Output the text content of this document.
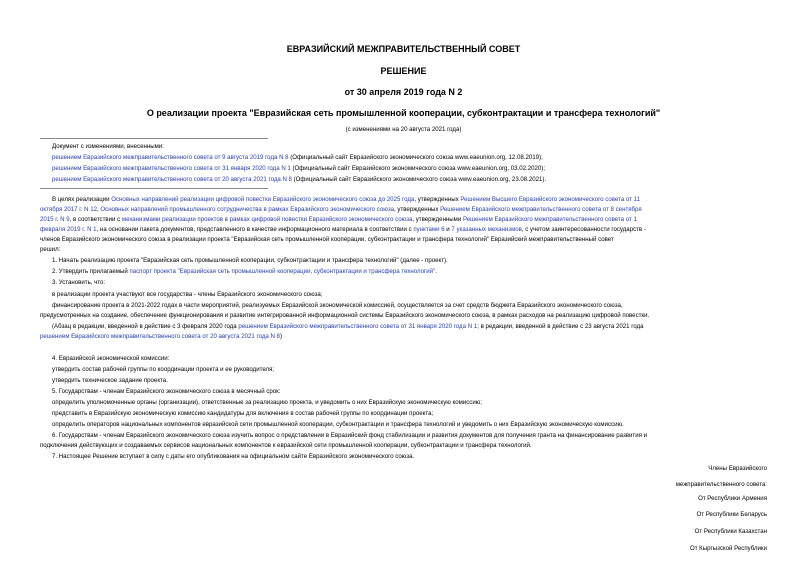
ЕВРАЗИЙСКИЙ МЕЖПРАВИТЕЛЬСТВЕННЫЙ СОВЕТ
РЕШЕНИЕ
от 30 апреля 2019 года N 2
О реализации проекта "Евразийская сеть промышленной кооперации, субконтрактации и трансфера технологий"
(с изменениями на 20 августа 2021 года)
Документ с изменениями, внесенными:
решением Евразийского межправительственного совета от 9 августа 2019 года N 8 (Официальный сайт Евразийского экономического союза www.eaeunion.org, 12.08.2019);
решением Евразийского межправительственного совета от 31 января 2020 года N 1 (Официальный сайт Евразийского экономического союза www.eaeunion.org, 03.02.2020);
решением Евразийского межправительственного совета от 20 августа 2021 года N 8 (Официальный сайт Евразийского экономического союза www.eaeunion.org, 23.08.2021).
В целях реализации Основных направлений реализации цифровой повестки Евразийского экономического союза до 2025 года, утвержденных Решением Высшего Евразийского экономического совета от 11
октября 2017 г. N 12, Основных направлений промышленного сотрудничества в рамках Евразийского экономического союза, утвержденных Решением Евразийского межправительственного совета от 8 сентября
2015 г. N 9, в соответствии с механизмами реализации проектов в рамках цифровой повестки Евразийского экономического союза, утвержденными Решением Евразийского межправительственного совета от 1
февраля 2019 г. N 1, на основании пакета документов, представленного в качестве информационного материала в соответствии с пунктами 6 и 7 указанных механизмов, с учетом заинтересованности государств -
членов Евразийского экономического союза в реализации проекта "Евразийская сеть промышленной кооперации, субконтрактации и трансфера технологий" Евразийский межправительственный совет
решил:
1. Начать реализацию проекта "Евразийская сеть промышленной кооперации, субконтрактации и трансфера технологий" (далее - проект).
2. Утвердить прилагаемый паспорт проекта "Евразийская сеть промышленной кооперации, субконтрактации и трансфера технологий".
3. Установить, что:
в реализации проекта участвуют все государства - члены Евразийского экономического союза;
финансирование проекта в 2021-2022 годах в части мероприятий, реализуемых Евразийской экономической комиссией, осуществляется за счет средств бюджета Евразийского экономического союза,
предусмотренных на создание, обеспечение функционирования и развитие интегрированной информационной системы Евразийского экономического союза, в рамках расходов на реализацию цифровой повестки.
(Абзац в редакции, введенной в действие с 3 февраля 2020 года решением Евразийского межправительственного совета от 31 января 2020 года N 1; в редакции, введенной в действие с 23 августа 2021 года
решением Евразийского межправительственного совета от 20 августа 2021 года N 8)
4. Евразийской экономической комиссии:
утвердить состав рабочей группы по координации проекта и ее руководителя;
утвердить техническое задание проекта.
5. Государствам - членам Евразийского экономического союза в месячный срок:
определить уполномоченные органы (организации), ответственные за реализацию проекта, и уведомить о них Евразийскую экономическую комиссию;
представить в Евразийскую экономическую комиссию кандидатуры для включения в состав рабочей группы по координации проекта;
определить операторов национальных компонентов евразийской сети промышленной кооперации, субконтрактации и трансфера технологий и уведомить о них Евразийскую экономическую комиссию.
6. Государствам - членам Евразийского экономического союза изучить вопрос о представлении в Евразийский фонд стабилизации и развития документов для получения гранта на финансирование развития и
подключения действующих и создаваемых сервисов национальных компонентов к евразийской сети промышленной кооперации, субконтрактации и трансфера технологий.
7. Настоящее Решение вступает в силу с даты его опубликования на официальном сайте Евразийского экономического союза.
Члены Евразийского
межправительственного совета:
От Республики Армения
От Республики Беларусь
От Республики Казахстан
От Кыргызской Республики
